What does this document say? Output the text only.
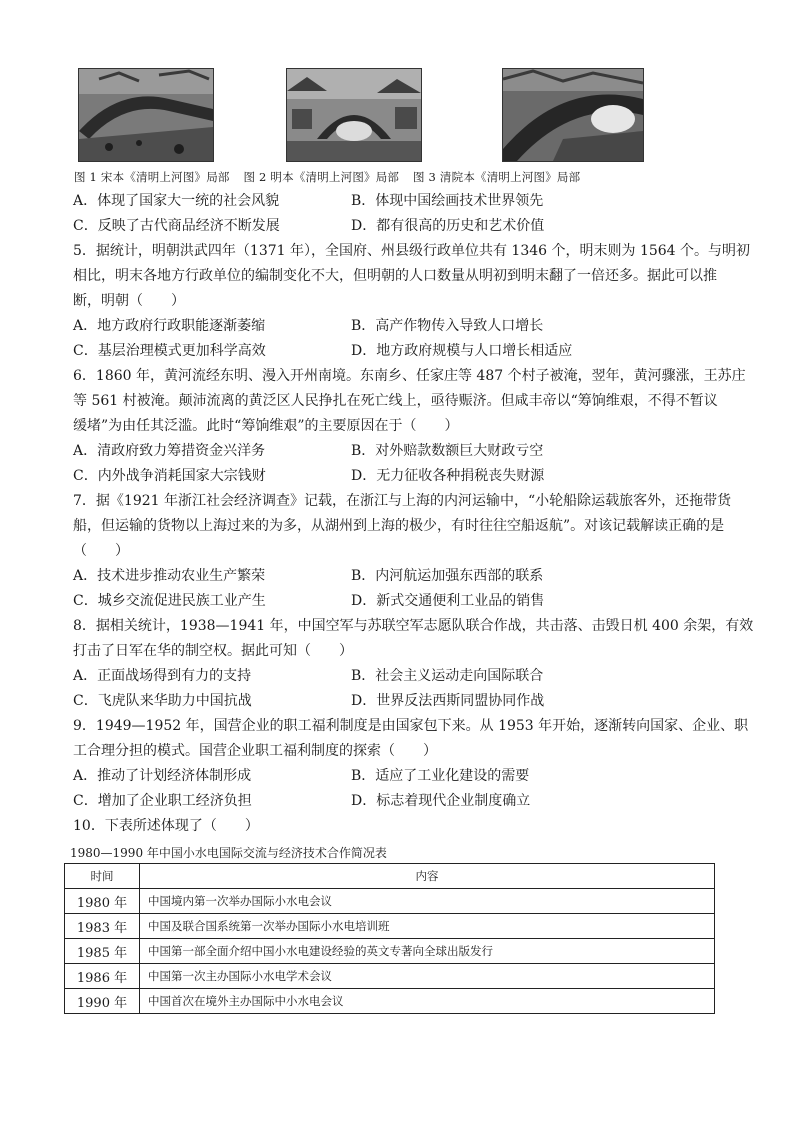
图 1 宋本《清明上河图》局部 图 2 明本《清明上河图》局部 图 3 清院本《清明上河图》局部
A．体现了国家大一统的社会风貌	B．体现中国绘画技术世界领先
C．反映了古代商品经济不断发展	D．都有很高的历史和艺术价值
5．据统计，明朝洪武四年（1371 年），全国府、州县级行政单位共有 1346 个，明末则为 1564 个。与明初
相比，明末各地方行政单位的编制变化不大，但明朝的人口数量从明初到明末翻了一倍还多。据此可以推
断，明朝（　　）
A．地方政府行政职能逐渐萎缩	B．高产作物传入导致人口增长
C．基层治理模式更加科学高效	D．地方政府规模与人口增长相适应
6．1860 年，黄河流经东明、漫入开州南境。东南乡、任家庄等 487 个村子被淹，翌年，黄河骤涨，王苏庄
等 561 村被淹。颠沛流离的黄泛区人民挣扎在死亡线上，亟待赈济。但咸丰帝以“筹饷维艰，不得不暂议
缓堵”为由任其泛滥。此时“筹饷维艰”的主要原因在于（　　）
A．清政府致力筹措资金兴洋务	B．对外赔款数额巨大财政亏空
C．内外战争消耗国家大宗钱财	D．无力征收各种捐税丧失财源
7．据《1921 年浙江社会经济调查》记载，在浙江与上海的内河运输中，“小轮船除运载旅客外，还拖带货
船，但运输的货物以上海过来的为多，从湖州到上海的极少，有时往往空船返航”。对该记载解读正确的是
（　　）
A．技术进步推动农业生产繁荣	B．内河航运加强东西部的联系
C．城乡交流促进民族工业产生	D．新式交通便利工业品的销售
8．据相关统计，1938—1941 年，中国空军与苏联空军志愿队联合作战，共击落、击毁日机 400 余架，有效
打击了日军在华的制空权。据此可知（　　）
A．正面战场得到有力的支持	B．社会主义运动走向国际联合
C．飞虎队来华助力中国抗战	D．世界反法西斯同盟协同作战
9．1949—1952 年，国营企业的职工福利制度是由国家包下来。从 1953 年开始，逐渐转向国家、企业、职
工合理分担的模式。国营企业职工福利制度的探索（　　）
A．推动了计划经济体制形成	B．适应了工业化建设的需要
C．增加了企业职工经济负担	D．标志着现代企业制度确立
10．下表所述体现了（　　）
1980—1990 年中国小水电国际交流与经济技术合作简况表
时间	内容
1980 年	中国境内第一次举办国际小水电会议
1983 年	中国及联合国系统第一次举办国际小水电培训班
1985 年	中国第一部全面介绍中国小水电建设经验的英文专著向全球出版发行
1986 年	中国第一次主办国际小水电学术会议
1990 年	中国首次在境外主办国际中小水电会议
